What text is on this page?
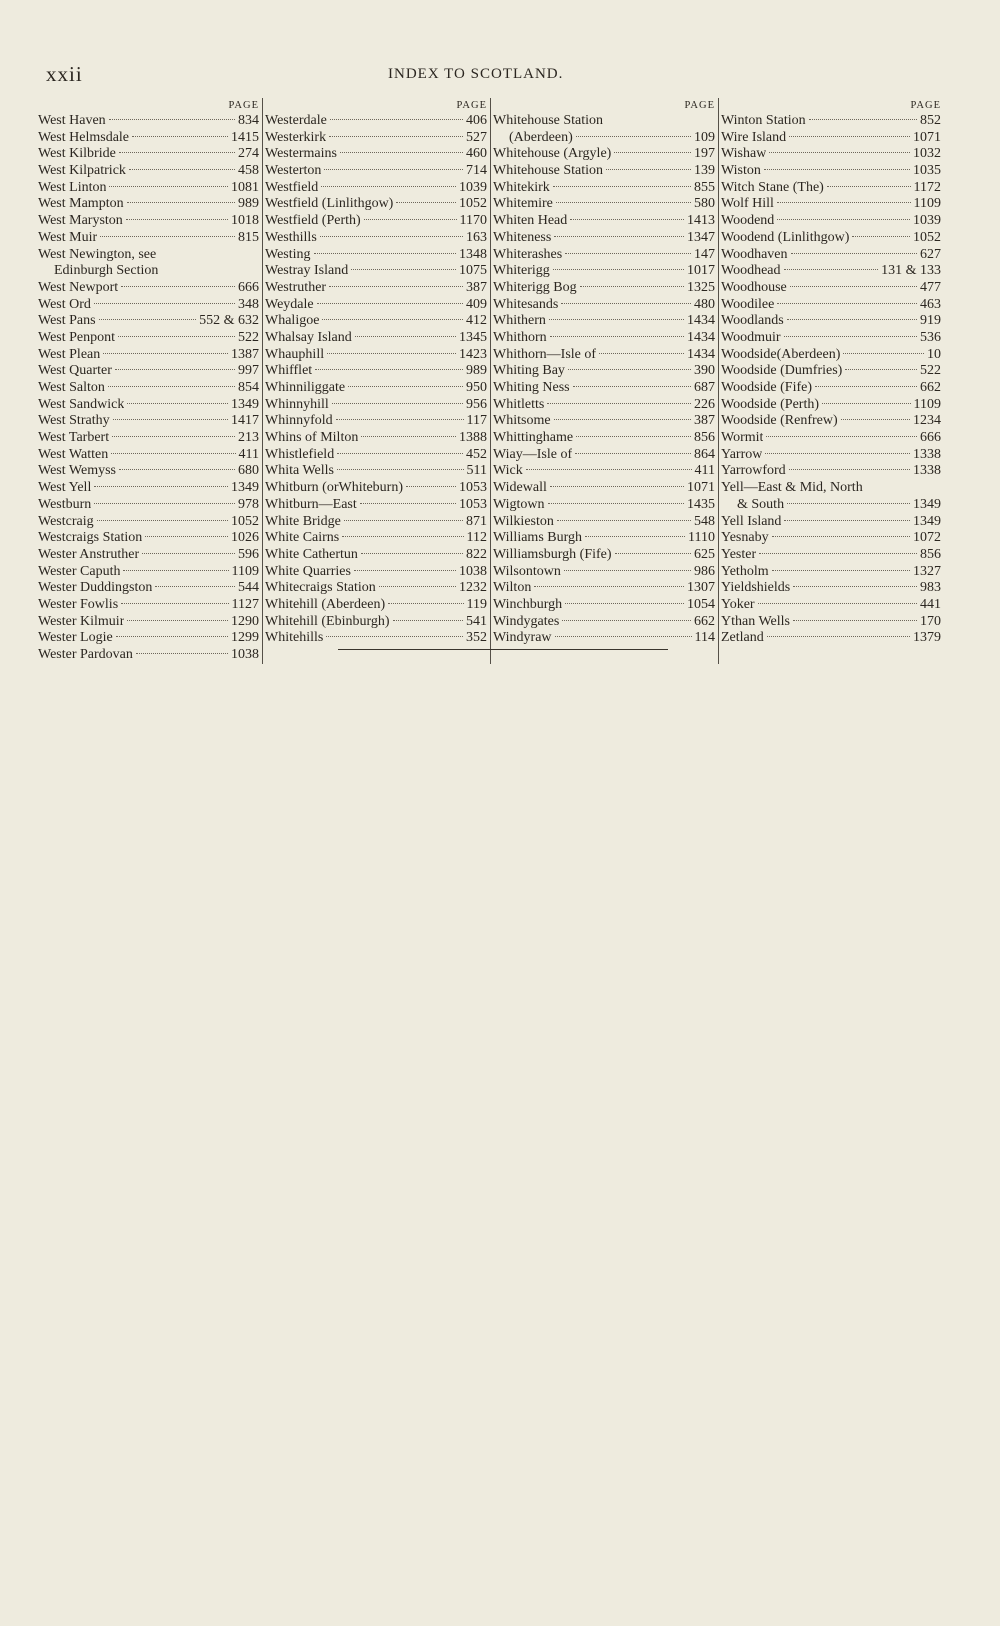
xxii	INDEX TO SCOTLAND.
PAGE
West Haven	834
West Helmsdale	1415
West Kilbride	274
West Kilpatrick	458
West Linton	1081
West Mampton	989
West Maryston	1018
West Muir	815
West Newington, see
Edinburgh Section
West Newport	666
West Ord	348
West Pans	552 & 632
West Penpont	522
West Plean	1387
West Quarter	997
West Salton	854
West Sandwick	1349
West Strathy	1417
West Tarbert	213
West Watten	411
West Wemyss	680
West Yell	1349
Westburn	978
Westcraig	1052
Westcraigs Station	1026
Wester Anstruther	596
Wester Caputh	1109
Wester Duddingston	544
Wester Fowlis	1127
Wester Kilmuir	1290
Wester Logie	1299
Wester Pardovan	1038
PAGE
Westerdale	406
Westerkirk	527
Westermains	460
Westerton	714
Westfield	1039
Westfield (Linlithgow)	1052
Westfield (Perth)	1170
Westhills	163
Westing	1348
Westray Island	1075
Westruther	387
Weydale	409
Whaligoe	412
Whalsay Island	1345
Whauphill	1423
Whifflet	989
Whinniliggate	950
Whinnyhill	956
Whinnyfold	117
Whins of Milton	1388
Whistlefield	452
Whita Wells	511
Whitburn (orWhiteburn)	1053
Whitburn—East	1053
White Bridge	871
White Cairns	112
White Cathertun	822
White Quarries	1038
Whitecraigs Station	1232
Whitehill (Aberdeen)	119
Whitehill (Ebinburgh)	541
Whitehills	352
PAGE
Whitehouse Station
(Aberdeen)	109
Whitehouse (Argyle)	197
Whitehouse Station	139
Whitekirk	855
Whitemire	580
Whiten Head	1413
Whiteness	1347
Whiterashes	147
Whiterigg	1017
Whiterigg Bog	1325
Whitesands	480
Whithern	1434
Whithorn	1434
Whithorn—Isle of	1434
Whiting Bay	390
Whiting Ness	687
Whitletts	226
Whitsome	387
Whittinghame	856
Wiay—Isle of	864
Wick	411
Widewall	1071
Wigtown	1435
Wilkieston	548
Williams Burgh	1110
Williamsburgh (Fife)	625
Wilsontown	986
Wilton	1307
Winchburgh	1054
Windygates	662
Windyraw	114
PAGE
Winton Station	852
Wire Island	1071
Wishaw	1032
Wiston	1035
Witch Stane (The)	1172
Wolf Hill	1109
Woodend	1039
Woodend (Linlithgow)	1052
Woodhaven	627
Woodhead	131 & 133
Woodhouse	477
Woodilee	463
Woodlands	919
Woodmuir	536
Woodside(Aberdeen)	10
Woodside (Dumfries)	522
Woodside (Fife)	662
Woodside (Perth)	1109
Woodside (Renfrew)	1234
Wormit	666
Yarrow	1338
Yarrowford	1338
Yell—East & Mid, North
& South	1349
Yell Island	1349
Yesnaby	1072
Yester	856
Yetholm	1327
Yieldshields	983
Yoker	441
Ythan Wells	170
Zetland	1379
